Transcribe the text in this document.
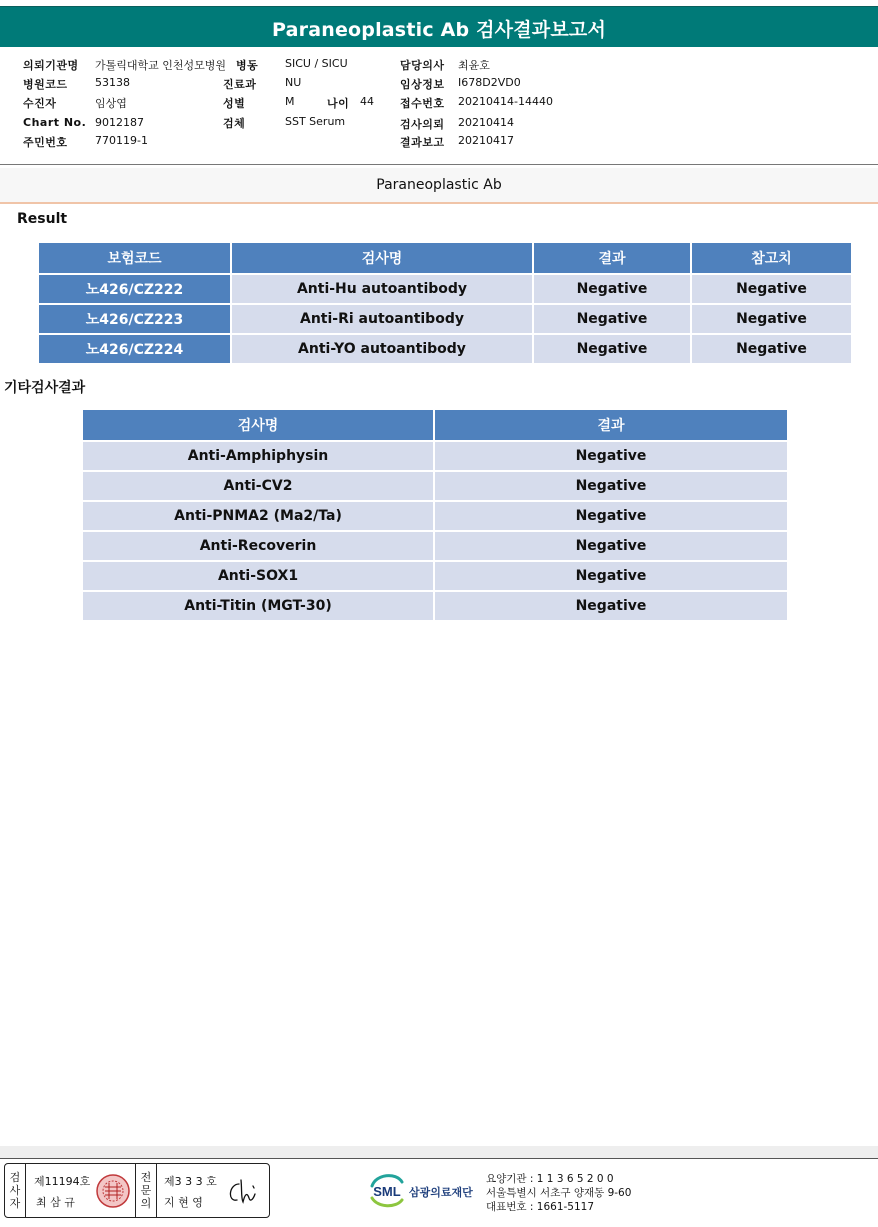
Paraneoplastic Ab 검사결과보고서
의뢰기관명 가톨릭대학교 인천성모병원
병원코드 53138
수진자	임상엽
Chart No. 9012187
주민번호 770119-1
병동 SICU / SICU
진료과	NU
성별	M	나이 44
검체	SST Serum
담당의사 최윤호
임상정보 I678D2VD0
접수번호 20210414-14440
검사의뢰 20210414
결과보고 20210417
Paraneoplastic Ab
Result
보험코드	검사명	결과	참고치
노426/CZ222	Anti-Hu autoantibody	Negative	Negative
노426/CZ223	Anti-Ri autoantibody	Negative	Negative
노426/CZ224	Anti-YO autoantibody	Negative	Negative
기타검사결과
검사명	결과
Anti-Amphiphysin	Negative
Anti-CV2	Negative
Anti-PNMA2 (Ma2/Ta)	Negative
Anti-Recoverin	Negative
Anti-SOX1	Negative
Anti-Titin (MGT-30)	Negative
검
사
자
제11194호
최 삼 규
전
문
의
제3 3 3 호
지 현 영
SML 삼광의료재단
요양기관 : 1 1 3 6 5 2 0 0
서울특별시 서초구 양재동 9-60
대표번호 : 1661-5117
